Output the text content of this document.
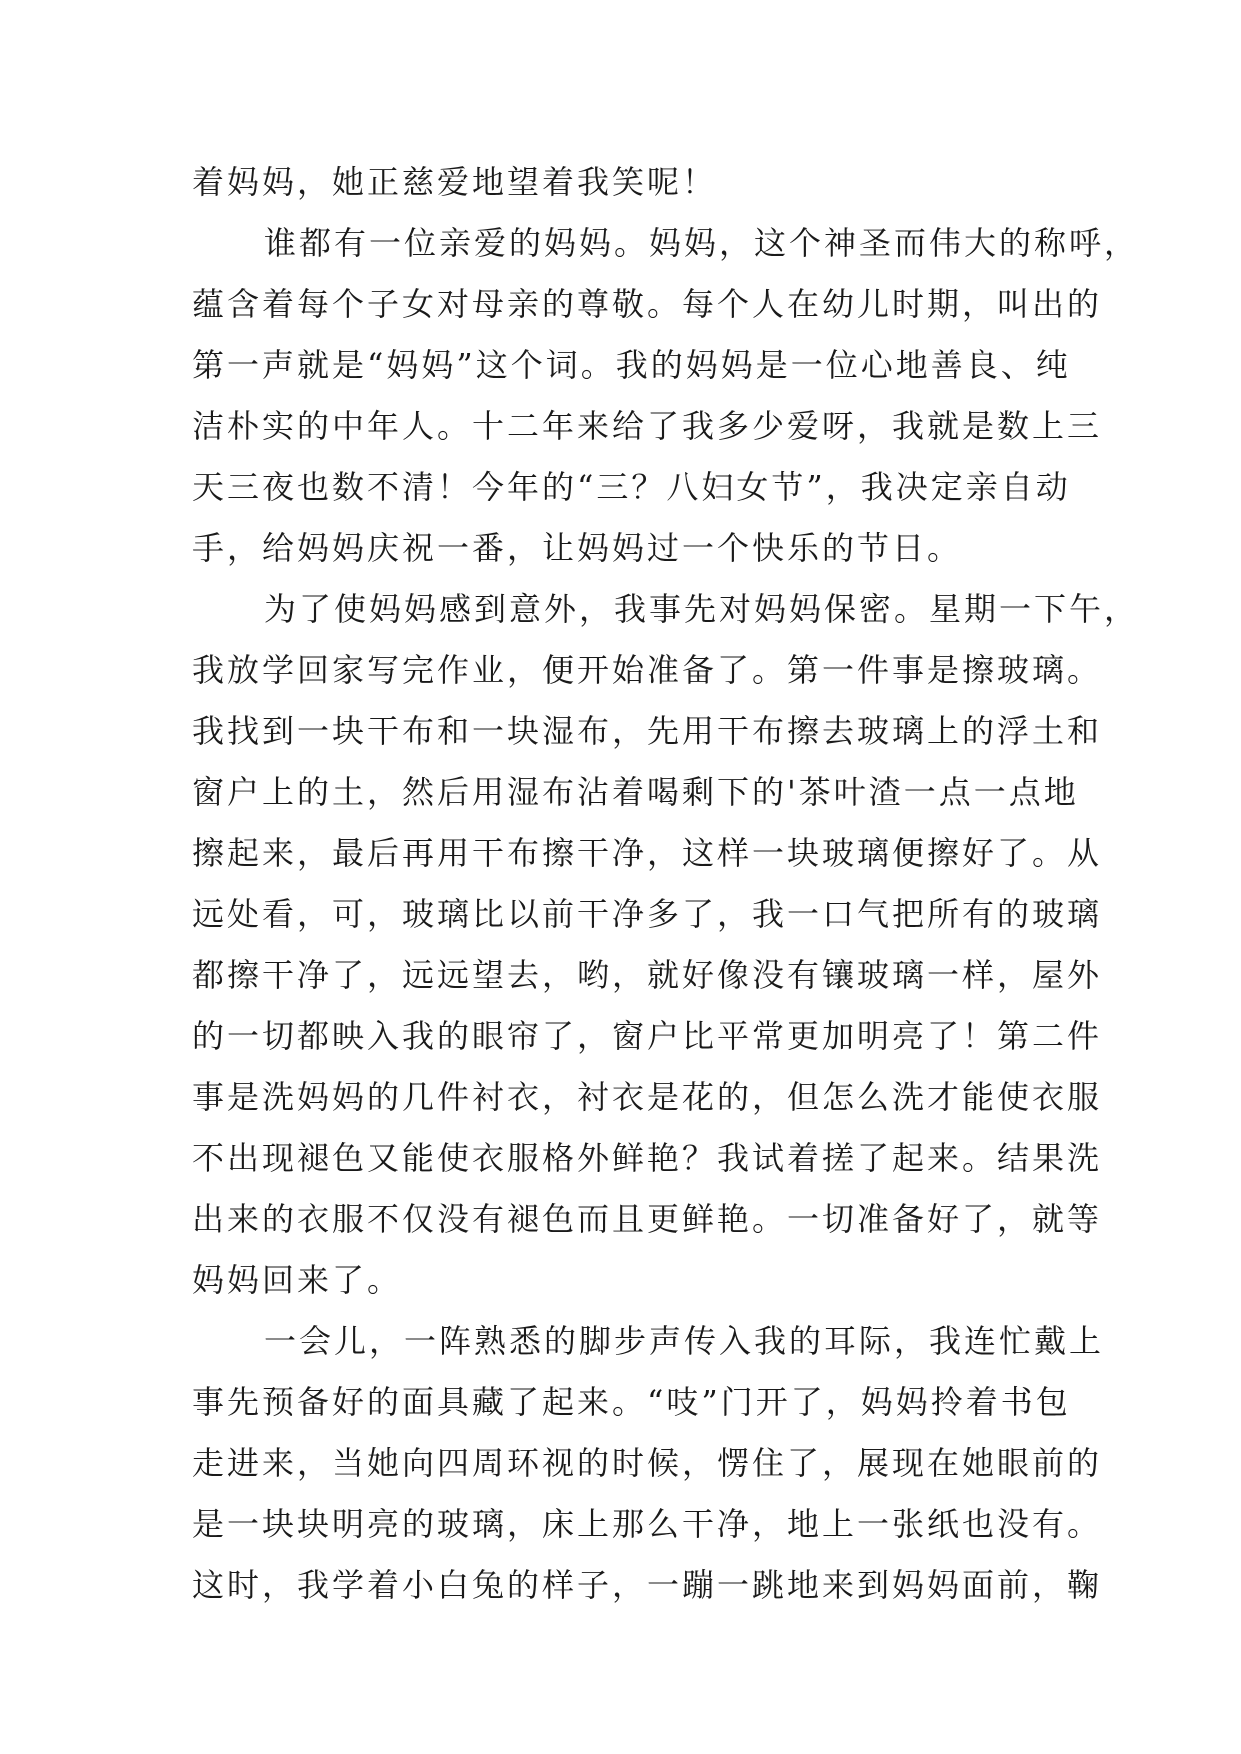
着妈妈，她正慈爱地望着我笑呢！
谁都有一位亲爱的妈妈。妈妈，这个神圣而伟大的称呼，
蕴含着每个子女对母亲的尊敬。每个人在幼儿时期，叫出的
第一声就是“妈妈”这个词。我的妈妈是一位心地善良、纯
洁朴实的中年人。十二年来给了我多少爱呀，我就是数上三
天三夜也数不清！今年的“三？八妇女节”，我决定亲自动
手，给妈妈庆祝一番，让妈妈过一个快乐的节日。
为了使妈妈感到意外，我事先对妈妈保密。星期一下午，
我放学回家写完作业，便开始准备了。第一件事是擦玻璃。
我找到一块干布和一块湿布，先用干布擦去玻璃上的浮土和
窗户上的土，然后用湿布沾着喝剩下的'茶叶渣一点一点地
擦起来，最后再用干布擦干净，这样一块玻璃便擦好了。从
远处看，可，玻璃比以前干净多了，我一口气把所有的玻璃
都擦干净了，远远望去，哟，就好像没有镶玻璃一样，屋外
的一切都映入我的眼帘了，窗户比平常更加明亮了！第二件
事是洗妈妈的几件衬衣，衬衣是花的，但怎么洗才能使衣服
不出现褪色又能使衣服格外鲜艳？我试着搓了起来。结果洗
出来的衣服不仅没有褪色而且更鲜艳。一切准备好了，就等
妈妈回来了。
一会儿，一阵熟悉的脚步声传入我的耳际，我连忙戴上
事先预备好的面具藏了起来。“吱”门开了，妈妈拎着书包
走进来，当她向四周环视的时候，愣住了，展现在她眼前的
是一块块明亮的玻璃，床上那么干净，地上一张纸也没有。
这时，我学着小白兔的样子，一蹦一跳地来到妈妈面前，鞠
